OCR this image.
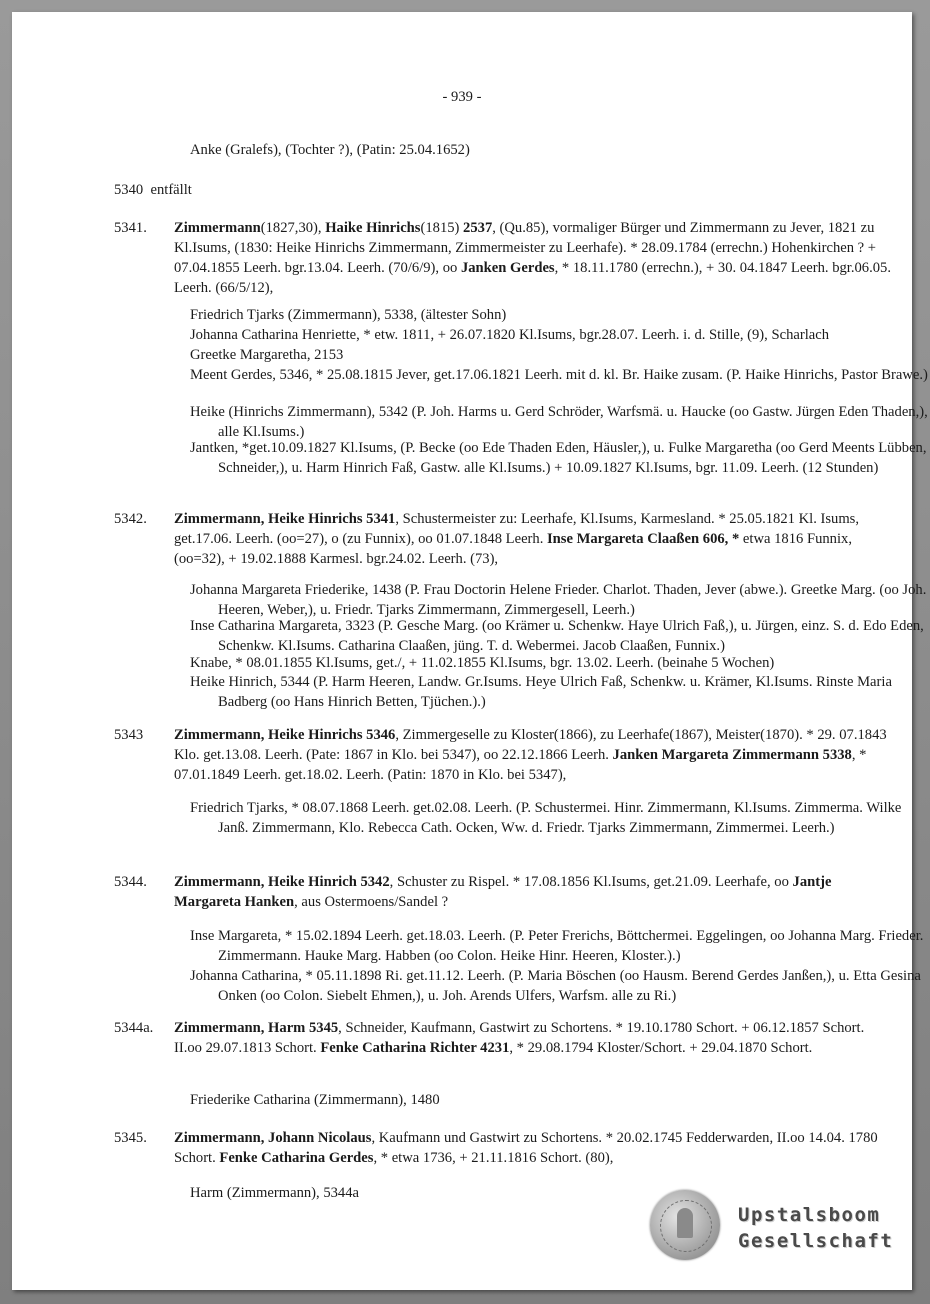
- 939 -
Anke (Gralefs), (Tochter ?), (Patin: 25.04.1652)
5340 entfällt
5341. Zimmermann(1827,30), Haike Hinrichs(1815) 2537, (Qu.85), vormaliger Bürger und Zimmermann zu Jever, 1821 zu Kl.Isums, (1830: Heike Hinrichs Zimmermann, Zimmermeister zu Leerhafe). * 28.09.1784 (errechn.) Hohenkirchen ? + 07.04.1855 Leerh. bgr.13.04. Leerh. (70/6/9), oo Janken Gerdes, * 18.11.1780 (errechn.), + 30. 04.1847 Leerh. bgr.06.05. Leerh. (66/5/12),
Friedrich Tjarks (Zimmermann), 5338, (ältester Sohn)
Johanna Catharina Henriette, * etw. 1811, + 26.07.1820 Kl.Isums, bgr.28.07. Leerh. i. d. Stille, (9), Scharlach
Greetke Margaretha, 2153
Meent Gerdes, 5346, * 25.08.1815 Jever, get.17.06.1821 Leerh. mit d. kl. Br. Haike zusam. (P. Haike Hinrichs, Pastor Brawe.)
Heike (Hinrichs Zimmermann), 5342 (P. Joh. Harms u. Gerd Schröder, Warfsmä. u. Haucke (oo Gastw. Jürgen Eden Thaden,), alle Kl.Isums.)
Jantken, *get.10.09.1827 Kl.Isums, (P. Becke (oo Ede Thaden Eden, Häusler,), u. Fulke Margaretha (oo Gerd Meents Lübben, Schneider,), u. Harm Hinrich Faß, Gastw. alle Kl.Isums.) + 10.09.1827 Kl.Isums, bgr. 11.09. Leerh. (12 Stunden)
5342. Zimmermann, Heike Hinrichs 5341, Schustermeister zu: Leerhafe, Kl.Isums, Karmesland. * 25.05.1821 Kl. Isums, get.17.06. Leerh. (oo=27), o (zu Funnix), oo 01.07.1848 Leerh. Inse Margareta Claaßen 606, * etwa 1816 Funnix, (oo=32), + 19.02.1888 Karmesl. bgr.24.02. Leerh. (73),
Johanna Margareta Friederike, 1438 (P. Frau Doctorin Helene Frieder. Charlot. Thaden, Jever (abwe.). Greetke Marg. (oo Joh. Heeren, Weber,), u. Friedr. Tjarks Zimmermann, Zimmergesell, Leerh.)
Inse Catharina Margareta, 3323 (P. Gesche Marg. (oo Krämer u. Schenkw. Haye Ulrich Faß,), u. Jürgen, einz. S. d. Edo Eden, Schenkw. Kl.Isums. Catharina Claaßen, jüng. T. d. Webermei. Jacob Claaßen, Funnix.)
Knabe, * 08.01.1855 Kl.Isums, get./, + 11.02.1855 Kl.Isums, bgr. 13.02. Leerh. (beinahe 5 Wochen)
Heike Hinrich, 5344 (P. Harm Heeren, Landw. Gr.Isums. Heye Ulrich Faß, Schenkw. u. Krämer, Kl.Isums. Rinste Maria Badberg (oo Hans Hinrich Betten, Tjüchen.).)
5343 Zimmermann, Heike Hinrichs 5346, Zimmergeselle zu Kloster(1866), zu Leerhafe(1867), Meister(1870). * 29. 07.1843 Klo. get.13.08. Leerh. (Pate: 1867 in Klo. bei 5347), oo 22.12.1866 Leerh. Janken Margareta Zimmermann 5338, * 07.01.1849 Leerh. get.18.02. Leerh. (Patin: 1870 in Klo. bei 5347),
Friedrich Tjarks, * 08.07.1868 Leerh. get.02.08. Leerh. (P. Schustermei. Hinr. Zimmermann, Kl.Isums. Zimmerma. Wilke Janß. Zimmermann, Klo. Rebecca Cath. Ocken, Ww. d. Friedr. Tjarks Zimmermann, Zimmermei. Leerh.)
5344. Zimmermann, Heike Hinrich 5342, Schuster zu Rispel. * 17.08.1856 Kl.Isums, get.21.09. Leerhafe, oo Jantje Margareta Hanken, aus Ostermoens/Sandel ?
Inse Margareta, * 15.02.1894 Leerh. get.18.03. Leerh. (P. Peter Frerichs, Böttchermei. Eggelingen, oo Johanna Marg. Frieder. Zimmermann. Hauke Marg. Habben (oo Colon. Heike Hinr. Heeren, Kloster.).)
Johanna Catharina, * 05.11.1898 Ri. get.11.12. Leerh. (P. Maria Böschen (oo Hausm. Berend Gerdes Janßen,), u. Etta Gesina Onken (oo Colon. Siebelt Ehmen,), u. Joh. Arends Ulfers, Warfsm. alle zu Ri.)
5344a. Zimmermann, Harm 5345, Schneider, Kaufmann, Gastwirt zu Schortens. * 19.10.1780 Schort. + 06.12.1857 Schort. II.oo 29.07.1813 Schort. Fenke Catharina Richter 4231, * 29.08.1794 Kloster/Schort. + 29.04.1870 Schort.
Friederike Catharina (Zimmermann), 1480
5345. Zimmermann, Johann Nicolaus, Kaufmann und Gastwirt zu Schortens. * 20.02.1745 Fedderwarden, II.oo 14.04. 1780 Schort. Fenke Catharina Gerdes, * etwa 1736, + 21.11.1816 Schort. (80),
Harm (Zimmermann), 5344a
Upstalsboom
Gesellschaft
